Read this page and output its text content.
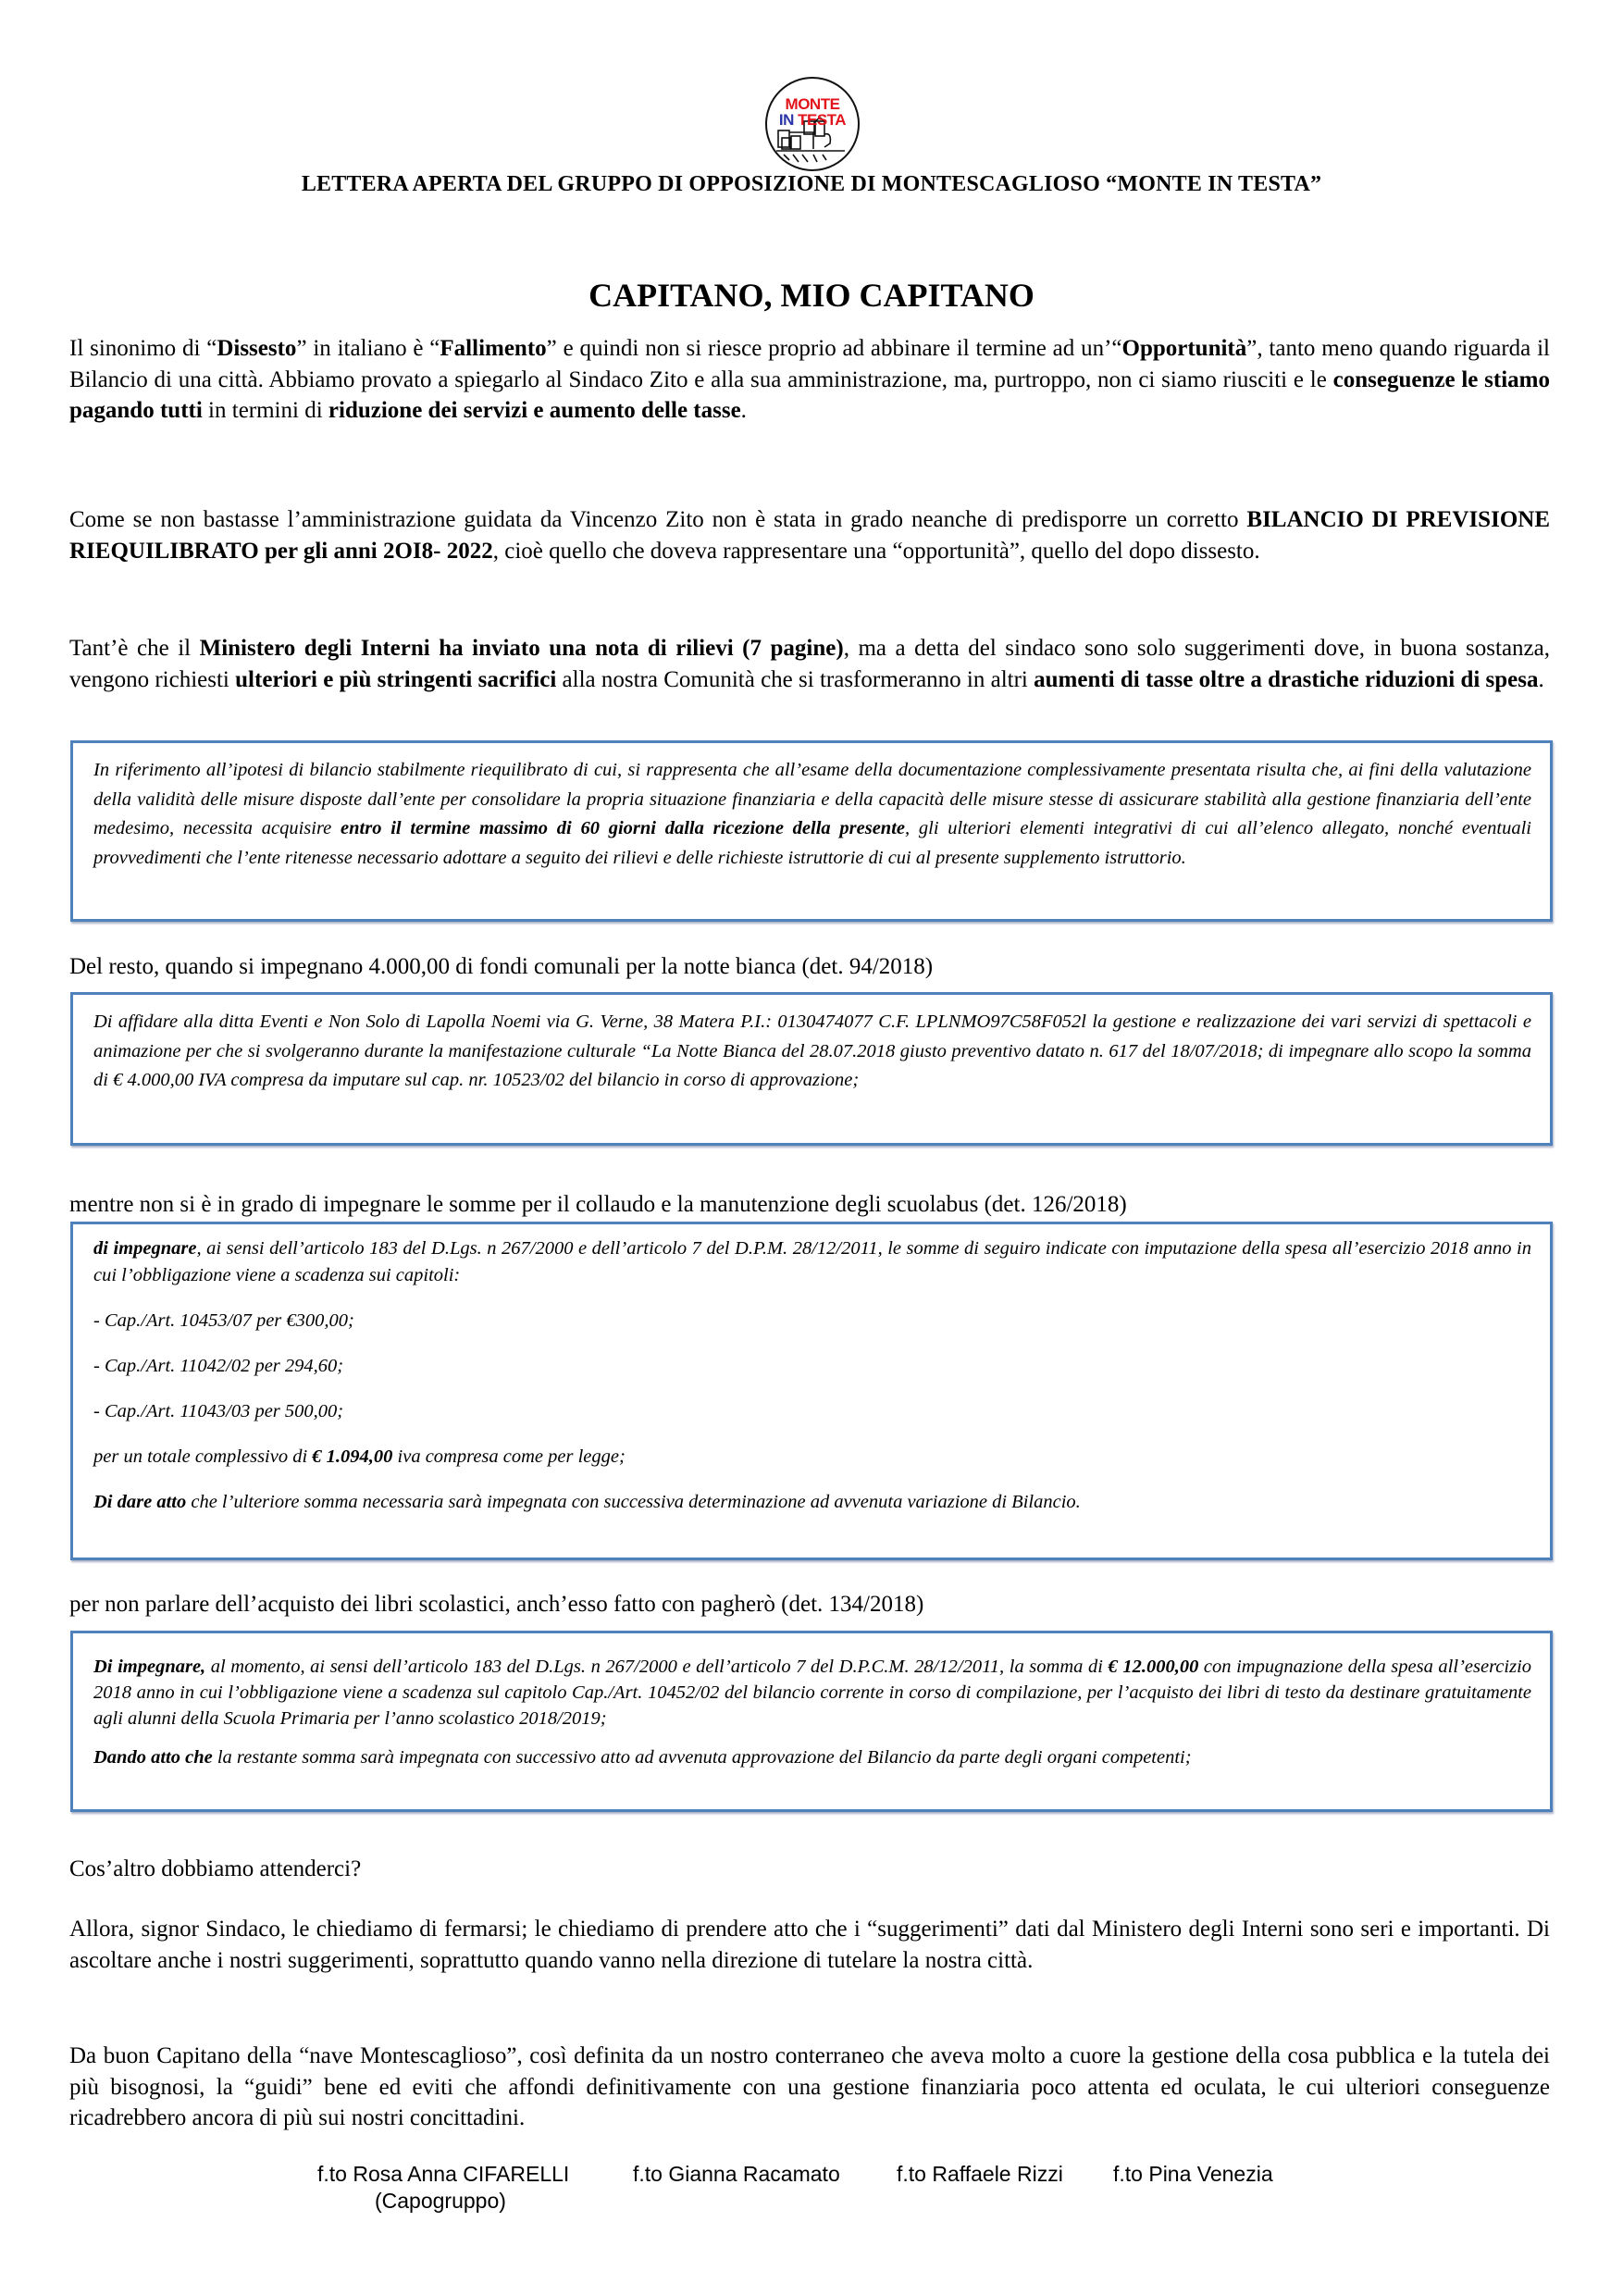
MONTE
IN TESTA
LETTERA APERTA DEL GRUPPO DI OPPOSIZIONE DI MONTESCAGLIOSO “MONTE IN TESTA”
CAPITANO, MIO CAPITANO
Il sinonimo di “Dissesto” in italiano è “Fallimento” e quindi non si riesce proprio ad abbinare il termine ad un’“Opportunità”, tanto meno quando riguarda il Bilancio di una città. Abbiamo provato a spiegarlo al Sindaco Zito e alla sua amministrazione, ma, purtroppo, non ci siamo riusciti e le conseguenze le stiamo pagando tutti in termini di riduzione dei servizi e aumento delle tasse.
Come se non bastasse l’amministrazione guidata da Vincenzo Zito non è stata in grado neanche di predisporre un corretto BILANCIO DI PREVISIONE RIEQUILIBRATO per gli anni 2OI8- 2022, cioè quello che doveva rappresentare una “opportunità”, quello del dopo dissesto.
Tant’è che il Ministero degli Interni ha inviato una nota di rilievi (7 pagine), ma a detta del sindaco sono solo suggerimenti dove, in buona sostanza, vengono richiesti ulteriori e più stringenti sacrifici alla nostra Comunità che si trasformeranno in altri aumenti di tasse oltre a drastiche riduzioni di spesa.

In riferimento all’ipotesi di bilancio stabilmente riequilibrato di cui, si rappresenta che all’esame della documentazione complessivamente presentata risulta che, ai fini della valutazione della validità delle misure disposte dall’ente per consolidare la propria situazione finanziaria e della capacità delle misure stesse di assicurare stabilità alla gestione finanziaria dell’ente medesimo, necessita acquisire entro il termine massimo di 60 giorni dalla ricezione della presente, gli ulteriori elementi integrativi di cui all’elenco allegato, nonché eventuali provvedimenti che l’ente ritenesse necessario adottare a seguito dei rilievi e delle richieste istruttorie di cui al presente supplemento istruttorio.

Del resto, quando si impegnano 4.000,00 di fondi comunali per la notte bianca (det. 94/2018)

Di affidare alla ditta Eventi e Non Solo di Lapolla Noemi via G. Verne, 38 Matera P.I.: 0130474077 C.F. LPLNMO97C58F052l la gestione e realizzazione dei vari servizi di spettacoli e animazione per che si svolgeranno durante la manifestazione culturale “La Notte Bianca del 28.07.2018 giusto preventivo datato n. 617 del 18/07/2018; di impegnare allo scopo la somma di € 4.000,00 IVA compresa da imputare sul cap. nr. 10523/02 del bilancio in corso di approvazione;

mentre non si è in grado di impegnare le somme per il collaudo e la manutenzione degli scuolabus (det. 126/2018)

di impegnare, ai sensi dell’articolo 183 del D.Lgs. n 267/2000 e dell’articolo 7 del D.P.M. 28/12/2011, le somme di seguiro indicate con imputazione della spesa all’esercizio 2018 anno in cui l’obbligazione viene a scadenza sui capitoli:

- Cap./Art. 10453/07 per €300,00;

- Cap./Art. 11042/02 per 294,60;

- Cap./Art. 11043/03 per 500,00;

per un totale complessivo di € 1.094,00 iva compresa come per legge;

Di dare atto che l’ulteriore somma necessaria sarà impegnata con successiva determinazione ad avvenuta variazione di Bilancio.

per non parlare dell’acquisto dei libri scolastici, anch’esso fatto con pagherò (det. 134/2018)

Di impegnare, al momento, ai sensi dell’articolo 183 del D.Lgs. n 267/2000 e dell’articolo 7 del D.P.C.M. 28/12/2011, la somma di € 12.000,00 con impugnazione della spesa all’esercizio 2018 anno in cui l’obbligazione viene a scadenza sul capitolo Cap./Art. 10452/02 del bilancio corrente in corso di compilazione, per l’acquisto dei libri di testo da destinare gratuitamente agli alunni della Scuola Primaria per l’anno scolastico 2018/2019;

Dando atto che la restante somma sarà impegnata con successivo atto ad avvenuta approvazione del Bilancio da parte degli organi competenti;

Cos’altro dobbiamo attenderci?
Allora, signor Sindaco, le chiediamo di fermarsi; le chiediamo di prendere atto che i “suggerimenti” dati dal Ministero degli Interni sono seri e importanti. Di ascoltare anche i nostri suggerimenti, soprattutto quando vanno nella direzione di tutelare la nostra città.
Da buon Capitano della “nave Montescaglioso”, così definita da un nostro conterraneo che aveva molto a cuore la gestione della cosa pubblica e la tutela dei più bisognosi, la “guidi” bene ed eviti che affondi definitivamente con una gestione finanziaria poco attenta ed oculata, le cui ulteriori conseguenze ricadrebbero ancora di più sui nostri concittadini.
f.to Rosa Anna CIFARELLI
(Capogruppo)
f.to Gianna Racamato	f.to Raffaele Rizzi f.to Pina Venezia
